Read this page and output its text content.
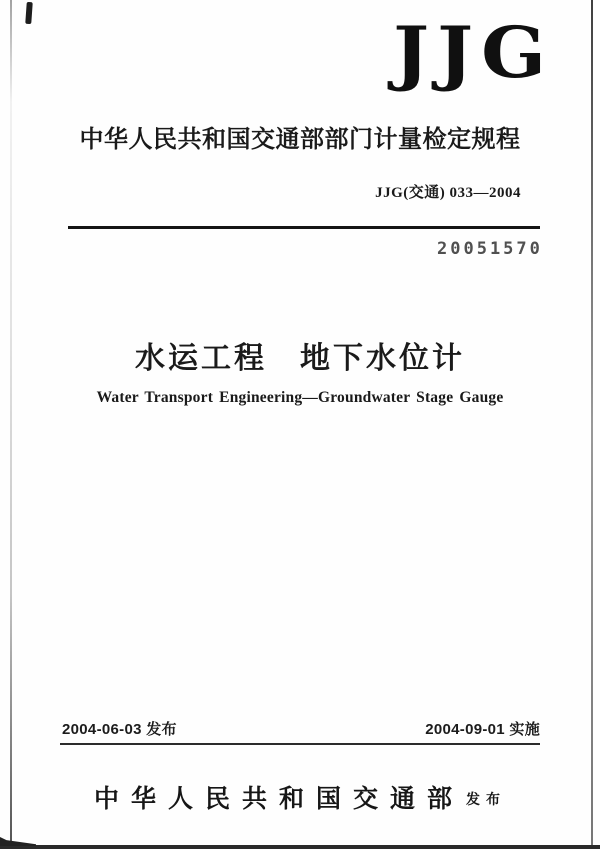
JJG
中华人民共和国交通部部门计量检定规程
JJG(交通) 033—2004
20051570
水运工程　地下水位计
Water Transport Engineering—Groundwater Stage Gauge
2004-06-03 发布	2004-09-01 实施
中华人民共和国交通部 发布
